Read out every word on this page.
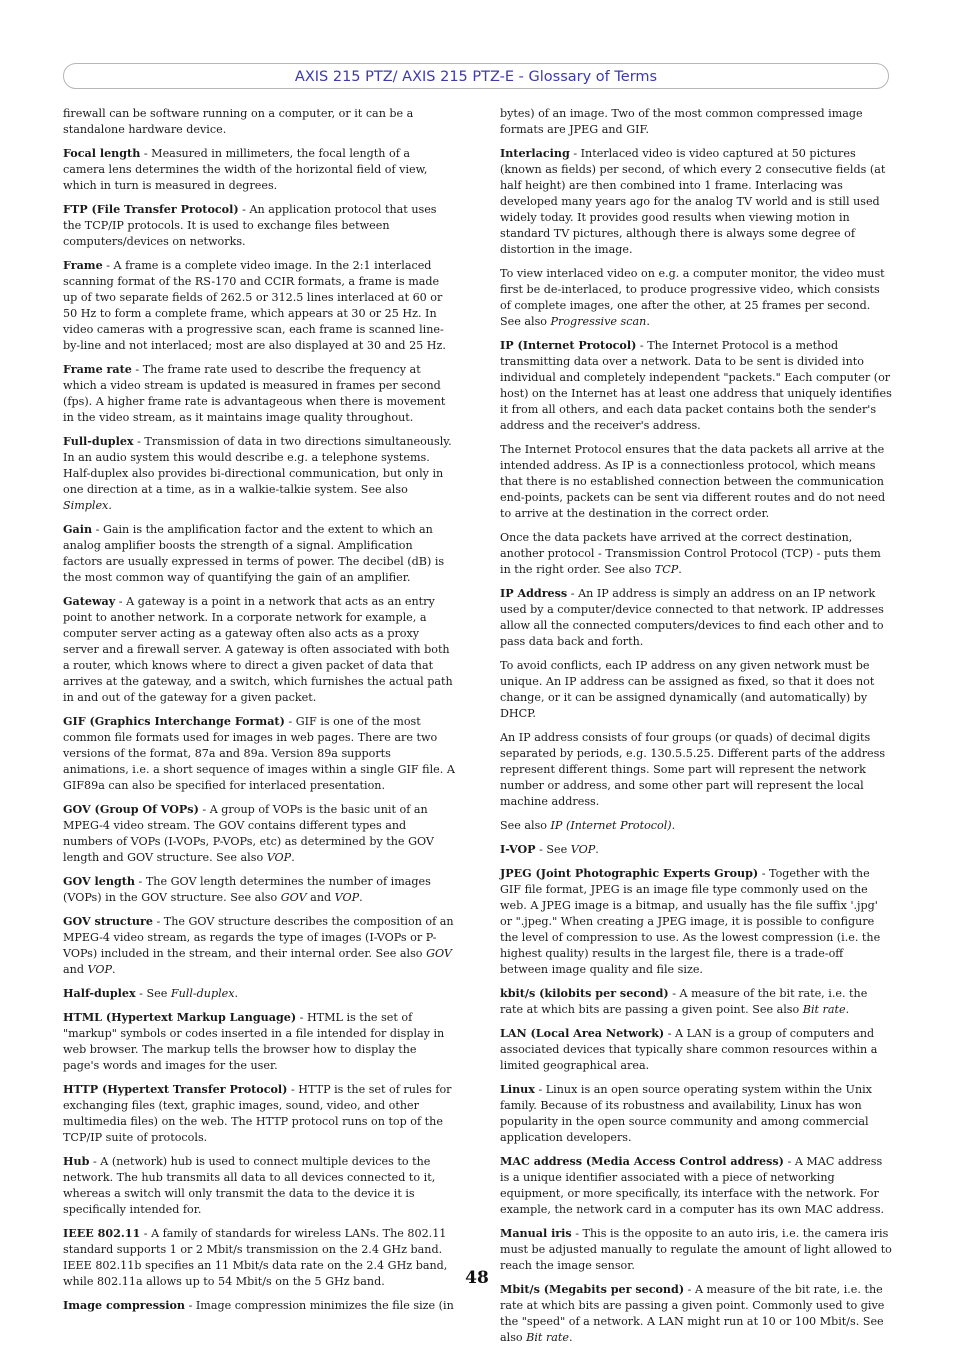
AXIS 215 PTZ/ AXIS 215 PTZ-E - Glossary of Terms

firewall can be software running on a computer, or it can be a standalone hardware device.

Focal length - Measured in millimeters, the focal length of a camera lens determines the width of the horizontal field of view, which in turn is measured in degrees.

FTP (File Transfer Protocol) - An application protocol that uses the TCP/IP protocols. It is used to exchange files between computers/devices on networks.

Frame - A frame is a complete video image. In the 2:1 interlaced scanning format of the RS-170 and CCIR formats, a frame is made up of two separate fields of 262.5 or 312.5 lines interlaced at 60 or 50 Hz to form a complete frame, which appears at 30 or 25 Hz. In video cameras with a progressive scan, each frame is scanned line-by-line and not interlaced; most are also displayed at 30 and 25 Hz.

Frame rate - The frame rate used to describe the frequency at which a video stream is updated is measured in frames per second (fps). A higher frame rate is advantageous when there is movement in the video stream, as it maintains image quality throughout.

Full-duplex - Transmission of data in two directions simultaneously. In an audio system this would describe e.g. a telephone systems. Half-duplex also provides bi-directional communication, but only in one direction at a time, as in a walkie-talkie system. See also Simplex.

Gain - Gain is the amplification factor and the extent to which an analog amplifier boosts the strength of a signal. Amplification factors are usually expressed in terms of power. The decibel (dB) is the most common way of quantifying the gain of an amplifier.

Gateway - A gateway is a point in a network that acts as an entry point to another network. In a corporate network for example, a computer server acting as a gateway often also acts as a proxy server and a firewall server. A gateway is often associated with both a router, which knows where to direct a given packet of data that arrives at the gateway, and a switch, which furnishes the actual path in and out of the gateway for a given packet.

GIF (Graphics Interchange Format) - GIF is one of the most common file formats used for images in web pages. There are two versions of the format, 87a and 89a. Version 89a supports animations, i.e. a short sequence of images within a single GIF file. A GIF89a can also be specified for interlaced presentation.

GOV (Group Of VOPs) - A group of VOPs is the basic unit of an MPEG-4 video stream. The GOV contains different types and numbers of VOPs (I-VOPs, P-VOPs, etc) as determined by the GOV length and GOV structure. See also VOP.

GOV length - The GOV length determines the number of images (VOPs) in the GOV structure. See also GOV and VOP.

GOV structure - The GOV structure describes the composition of an MPEG-4 video stream, as regards the type of images (I-VOPs or P-VOPs) included in the stream, and their internal order. See also GOV and VOP.

Half-duplex - See Full-duplex.

HTML (Hypertext Markup Language) - HTML is the set of "markup" symbols or codes inserted in a file intended for display in web browser. The markup tells the browser how to display the page's words and images for the user.

HTTP (Hypertext Transfer Protocol) - HTTP is the set of rules for exchanging files (text, graphic images, sound, video, and other multimedia files) on the web. The HTTP protocol runs on top of the TCP/IP suite of protocols.

Hub - A (network) hub is used to connect multiple devices to the network. The hub transmits all data to all devices connected to it, whereas a switch will only transmit the data to the device it is specifically intended for.

IEEE 802.11 - A family of standards for wireless LANs. The 802.11 standard supports 1 or 2 Mbit/s transmission on the 2.4 GHz band. IEEE 802.11b specifies an 11 Mbit/s data rate on the 2.4 GHz band, while 802.11a allows up to 54 Mbit/s on the 5 GHz band.

Image compression - Image compression minimizes the file size (in

bytes) of an image. Two of the most common compressed image formats are JPEG and GIF.

Interlacing - Interlaced video is video captured at 50 pictures (known as fields) per second, of which every 2 consecutive fields (at half height) are then combined into 1 frame. Interlacing was developed many years ago for the analog TV world and is still used widely today. It provides good results when viewing motion in standard TV pictures, although there is always some degree of distortion in the image.

To view interlaced video on e.g. a computer monitor, the video must first be de-interlaced, to produce progressive video, which consists of complete images, one after the other, at 25 frames per second. See also Progressive scan.

IP (Internet Protocol) - The Internet Protocol is a method transmitting data over a network. Data to be sent is divided into individual and completely independent "packets." Each computer (or host) on the Internet has at least one address that uniquely identifies it from all others, and each data packet contains both the sender's address and the receiver's address.

The Internet Protocol ensures that the data packets all arrive at the intended address. As IP is a connectionless protocol, which means that there is no established connection between the communication end-points, packets can be sent via different routes and do not need to arrive at the destination in the correct order.

Once the data packets have arrived at the correct destination, another protocol - Transmission Control Protocol (TCP) - puts them in the right order. See also TCP.

IP Address - An IP address is simply an address on an IP network used by a computer/device connected to that network. IP addresses allow all the connected computers/devices to find each other and to pass data back and forth.

To avoid conflicts, each IP address on any given network must be unique. An IP address can be assigned as fixed, so that it does not change, or it can be assigned dynamically (and automatically) by DHCP.

An IP address consists of four groups (or quads) of decimal digits separated by periods, e.g. 130.5.5.25. Different parts of the address represent different things. Some part will represent the network number or address, and some other part will represent the local machine address.

See also IP (Internet Protocol).

I-VOP - See VOP.

JPEG (Joint Photographic Experts Group) - Together with the GIF file format, JPEG is an image file type commonly used on the web. A JPEG image is a bitmap, and usually has the file suffix '.jpg' or ".jpeg." When creating a JPEG image, it is possible to configure the level of compression to use. As the lowest compression (i.e. the highest quality) results in the largest file, there is a trade-off between image quality and file size.

kbit/s (kilobits per second) - A measure of the bit rate, i.e. the rate at which bits are passing a given point. See also Bit rate.

LAN (Local Area Network) - A LAN is a group of computers and associated devices that typically share common resources within a limited geographical area.

Linux - Linux is an open source operating system within the Unix family. Because of its robustness and availability, Linux has won popularity in the open source community and among commercial application developers.

MAC address (Media Access Control address) - A MAC address is a unique identifier associated with a piece of networking equipment, or more specifically, its interface with the network. For example, the network card in a computer has its own MAC address.

Manual iris - This is the opposite to an auto iris, i.e. the camera iris must be adjusted manually to regulate the amount of light allowed to reach the image sensor.

Mbit/s (Megabits per second) - A measure of the bit rate, i.e. the rate at which bits are passing a given point. Commonly used to give the "speed" of a network. A LAN might run at 10 or 100 Mbit/s. See also Bit rate.

48
